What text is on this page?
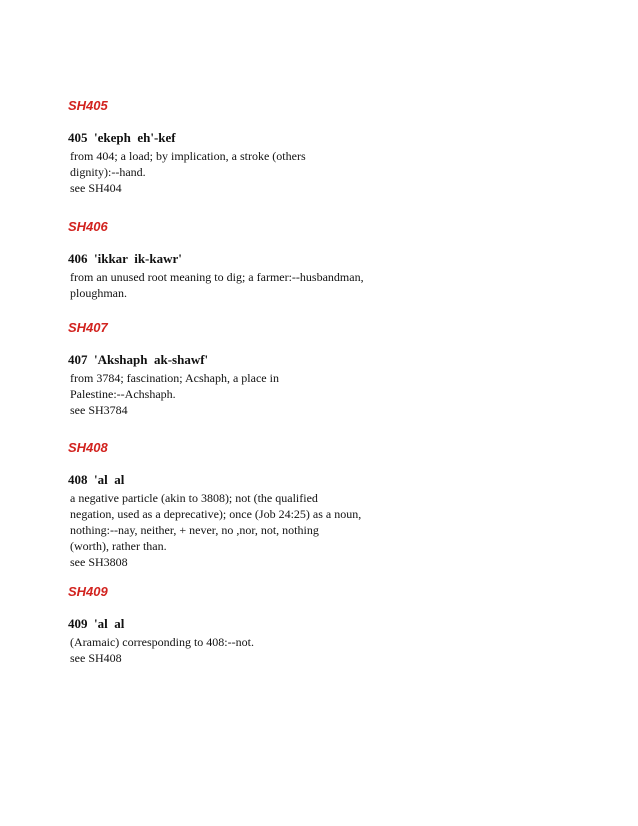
SH405
405  'ekeph  eh'-kef
from 404; a load; by implication, a stroke (others
dignity):--hand.
see SH404
SH406
406  'ikkar  ik-kawr'
from an unused root meaning to dig; a farmer:--husbandman,
ploughman.
SH407
407  'Akshaph  ak-shawf'
from 3784; fascination; Acshaph, a place in
Palestine:--Achshaph.
see SH3784
SH408
408  'al  al
a negative particle (akin to 3808); not (the qualified
negation, used as a deprecative); once (Job 24:25) as a noun,
nothing:--nay, neither, + never, no ,nor, not, nothing
(worth), rather than.
see SH3808
SH409
409  'al  al
(Aramaic) corresponding to 408:--not.
see SH408
